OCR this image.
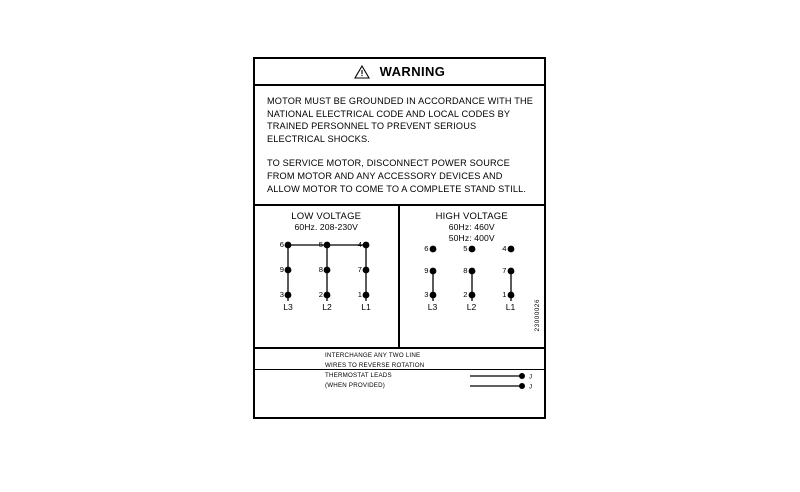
WARNING

MOTOR MUST BE GROUNDED IN ACCORDANCE WITH THE NATIONAL ELECTRICAL CODE AND LOCAL CODES BY TRAINED PERSONNEL TO PREVENT SERIOUS ELECTRICAL SHOCKS.

TO SERVICE MOTOR, DISCONNECT POWER SOURCE FROM MOTOR AND ANY ACCESSORY DEVICES AND ALLOW MOTOR TO COME TO A COMPLETE STAND STILL.

LOW VOLTAGE
60Hz. 208-230V
6	5	4
9	8	7
3	2	1
L3	L2	L1
HIGH VOLTAGE
60Hz: 460V
50Hz: 400V
6	5	4
9	8	7
3	2	1
L3	L2	L1	23000026
INTERCHANGE ANY TWO LINE
WIRES TO REVERSE ROTATION
THERMOSTAT LEADS
(WHEN PROVIDED)
J
J
